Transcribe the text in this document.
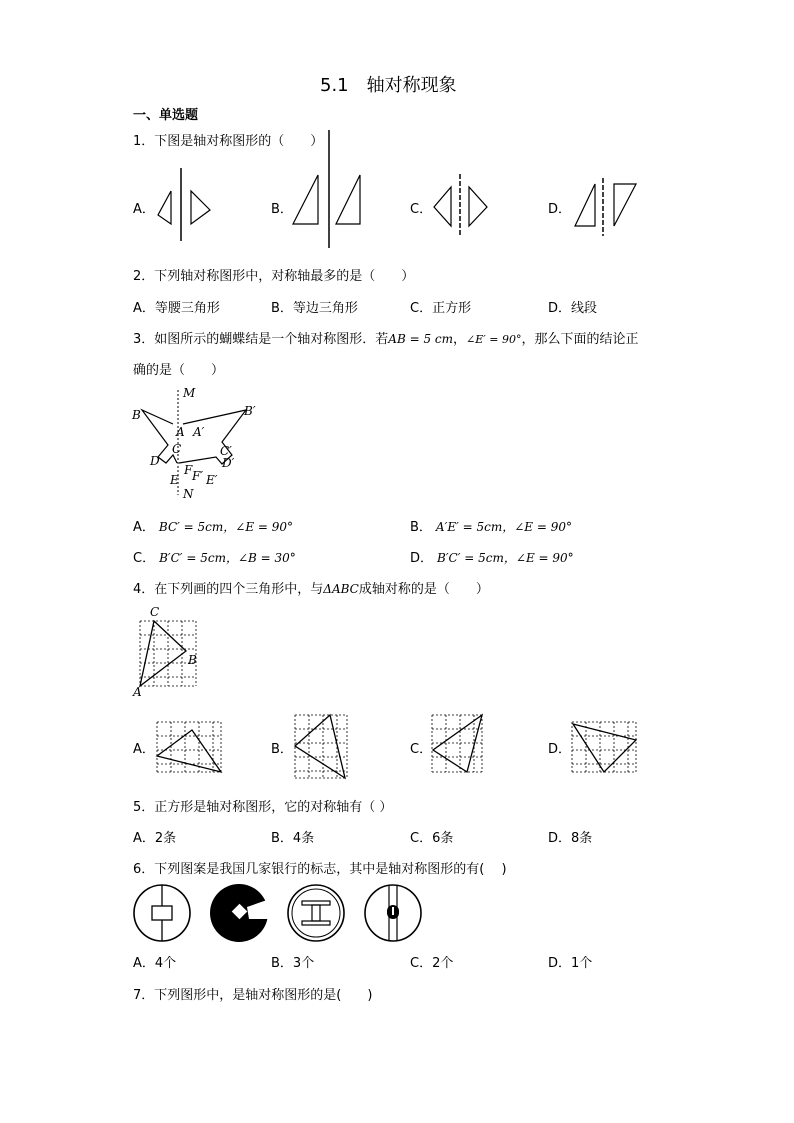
5.1　轴对称现象
一、单选题
1．下图是轴对称图形的（　　）
A．	B．	C．	D．
2．下列轴对称图形中，对称轴最多的是（　　）
A．等腰三角形	B．等边三角形	C．正方形	D．线段
3．如图所示的蝴蝶结是一个轴对称图形．若AB = 5 cm，∠E′ = 90°，那么下面的结论正
确的是（　　）
M
B	B′
A A′
C	C′
D	D′
F F′
E E′
N
A． BC′ = 5cm，∠E = 90°	B． A′E′ = 5cm，∠E = 90°
C． B′C′ = 5cm，∠B = 30°	D． B′C′ = 5cm，∠E = 90°
4．在下列画的四个三角形中，与ΔABC成轴对称的是（　　）
C
B
A
A．	B．	C．	D．
5．正方形是轴对称图形，它的对称轴有（ ）
A．2条	B．4条	C．6条	D．8条
6．下列图案是我国几家银行的标志，其中是轴对称图形的有(　 )
A．4个	B．3个	C．2个	D．1个
7．下列图形中，是轴对称图形的是(　　)
